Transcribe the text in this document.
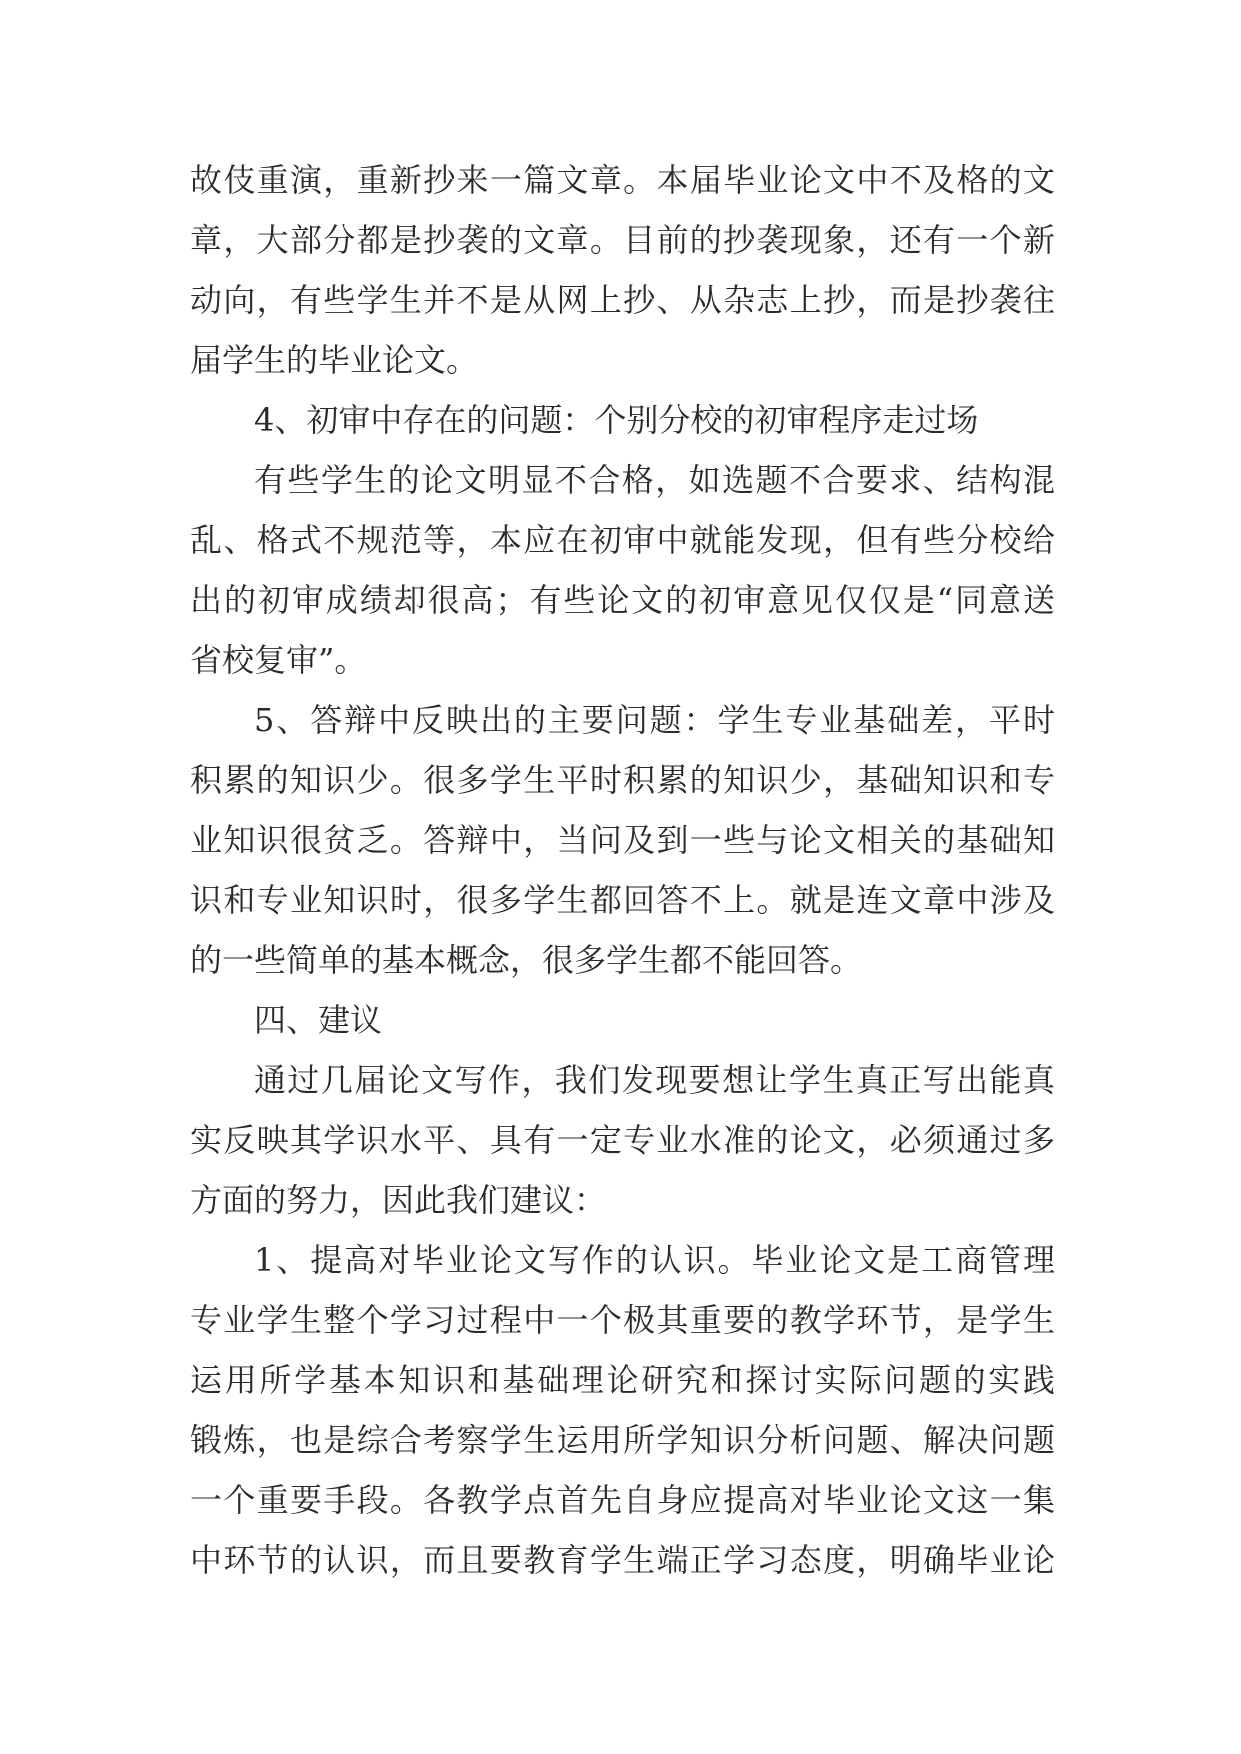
故伎重演，重新抄来一篇文章。本届毕业论文中不及格的文
章，大部分都是抄袭的文章。目前的抄袭现象，还有一个新
动向，有些学生并不是从网上抄、从杂志上抄，而是抄袭往
届学生的毕业论文。
4、初审中存在的问题：个别分校的初审程序走过场
有些学生的论文明显不合格，如选题不合要求、结构混
乱、格式不规范等，本应在初审中就能发现，但有些分校给
出的初审成绩却很高；有些论文的初审意见仅仅是“同意送
省校复审”。
5、答辩中反映出的主要问题：学生专业基础差，平时
积累的知识少。很多学生平时积累的知识少，基础知识和专
业知识很贫乏。答辩中，当问及到一些与论文相关的基础知
识和专业知识时，很多学生都回答不上。就是连文章中涉及
的一些简单的基本概念，很多学生都不能回答。
四、建议
通过几届论文写作，我们发现要想让学生真正写出能真
实反映其学识水平、具有一定专业水准的论文，必须通过多
方面的努力，因此我们建议：
1、提高对毕业论文写作的认识。毕业论文是工商管理
专业学生整个学习过程中一个极其重要的教学环节，是学生
运用所学基本知识和基础理论研究和探讨实际问题的实践
锻炼，也是综合考察学生运用所学知识分析问题、解决问题
一个重要手段。各教学点首先自身应提高对毕业论文这一集
中环节的认识，而且要教育学生端正学习态度，明确毕业论
